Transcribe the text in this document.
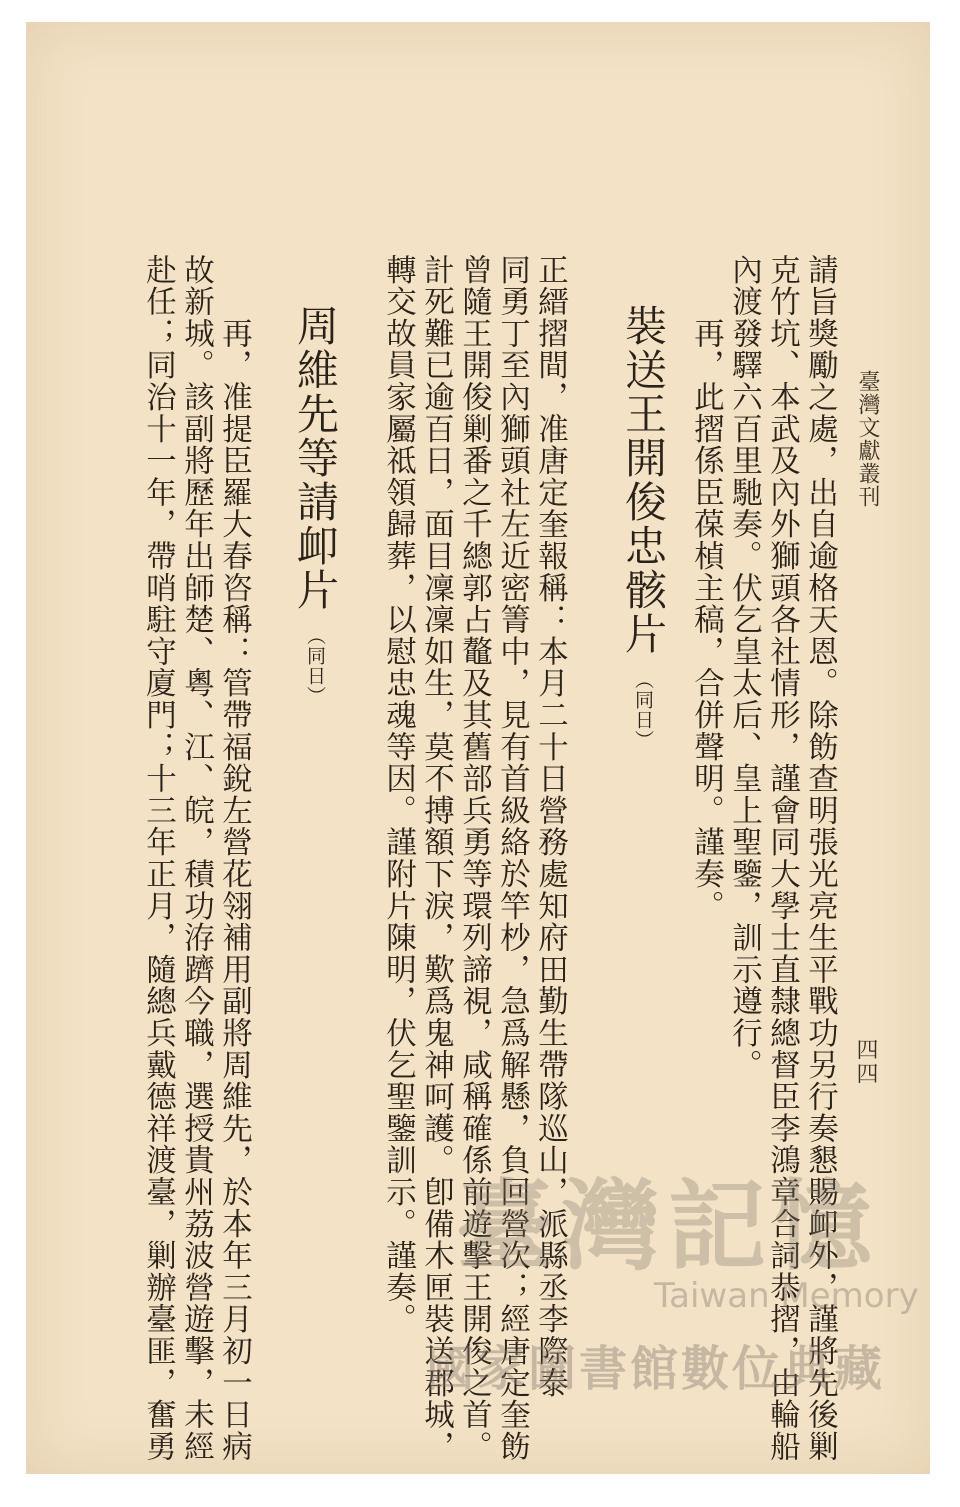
臺灣文獻叢刊
請旨獎勵之處，出自逾格天恩。除飭查明張光亮生平戰功另行奏懇賜卹外，謹將先後剿
克竹坑、本武及內外獅頭各社情形，謹會同大學士直隸總督臣李鴻章合詞恭摺，由輪船
內渡發驛六百里馳奏。伏乞皇太后、皇上聖鑒，訓示遵行。
　　再，此摺係臣葆楨主稿，合併聲明。謹奏。
裝送王開俊忠骸片（同日）
正縉摺間，准唐定奎報稱：本月二十日營務處知府田勤生帶隊巡山，派縣丞李際泰
同勇丁至內獅頭社左近密箐中，見有首級絡於竿杪，急爲解懸，負回營次；經唐定奎飭
曾隨王開俊剿番之千總郭占鼇及其舊部兵勇等環列諦視，咸稱確係前遊擊王開俊之首。
計死難已逾百日，面目凜凜如生，莫不搏額下淚，歎爲鬼神呵護。卽備木匣裝送郡城，
轉交故員家屬祗領歸葬，以慰忠魂等因。謹附片陳明，伏乞聖鑒訓示。謹奏。
周維先等請卹片（同日）
　　再，准提臣羅大春咨稱：管帶福銳左營花翎補用副將周維先，於本年三月初一日病
故新城。該副將歷年出師楚、粵、江、皖，積功洊躋今職，選授貴州荔波營遊擊，未經
赴任；同治十一年，帶哨駐守廈門；十三年正月，隨總兵戴德祥渡臺，剿辦臺匪，奮勇	四四
臺灣記憶
Taiwan Memory
國家圖書館數位典藏
